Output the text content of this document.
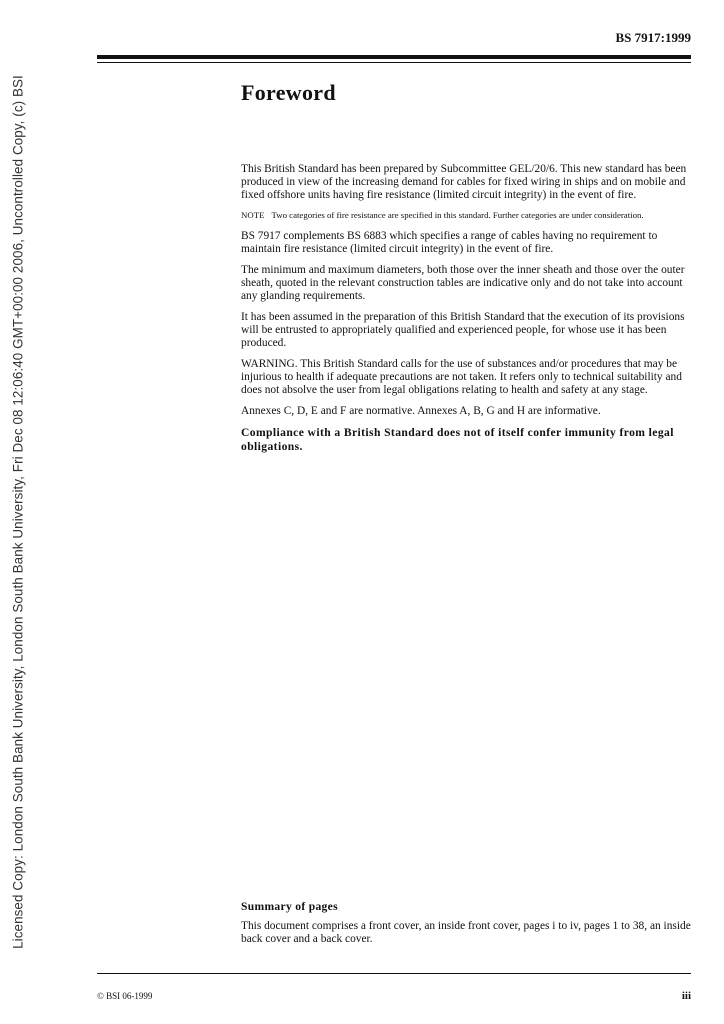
Licensed Copy: London South Bank University, London South Bank University, Fri Dec 08 12:06:40 GMT+00:00 2006, Uncontrolled Copy, (c) BSI

BS 7917:1999

Foreword

This British Standard has been prepared by Subcommittee GEL/20/6. This new standard has been produced in view of the increasing demand for cables for fixed wiring in ships and on mobile and fixed offshore units having fire resistance (limited circuit integrity) in the event of fire.

NOTE Two categories of fire resistance are specified in this standard. Further categories are under consideration.

BS 7917 complements BS 6883 which specifies a range of cables having no requirement to maintain fire resistance (limited circuit integrity) in the event of fire.

The minimum and maximum diameters, both those over the inner sheath and those over the outer sheath, quoted in the relevant construction tables are indicative only and do not take into account any glanding requirements.

It has been assumed in the preparation of this British Standard that the execution of its provisions will be entrusted to appropriately qualified and experienced people, for whose use it has been produced.

WARNING. This British Standard calls for the use of substances and/or procedures that may be injurious to health if adequate precautions are not taken. It refers only to technical suitability and does not absolve the user from legal obligations relating to health and safety at any stage.

Annexes C, D, E and F are normative. Annexes A, B, G and H are informative.

Compliance with a British Standard does not of itself confer immunity from legal obligations.

Summary of pages

This document comprises a front cover, an inside front cover, pages i to iv, pages 1 to 38, an inside back cover and a back cover.

© BSI 06-1999	iii
